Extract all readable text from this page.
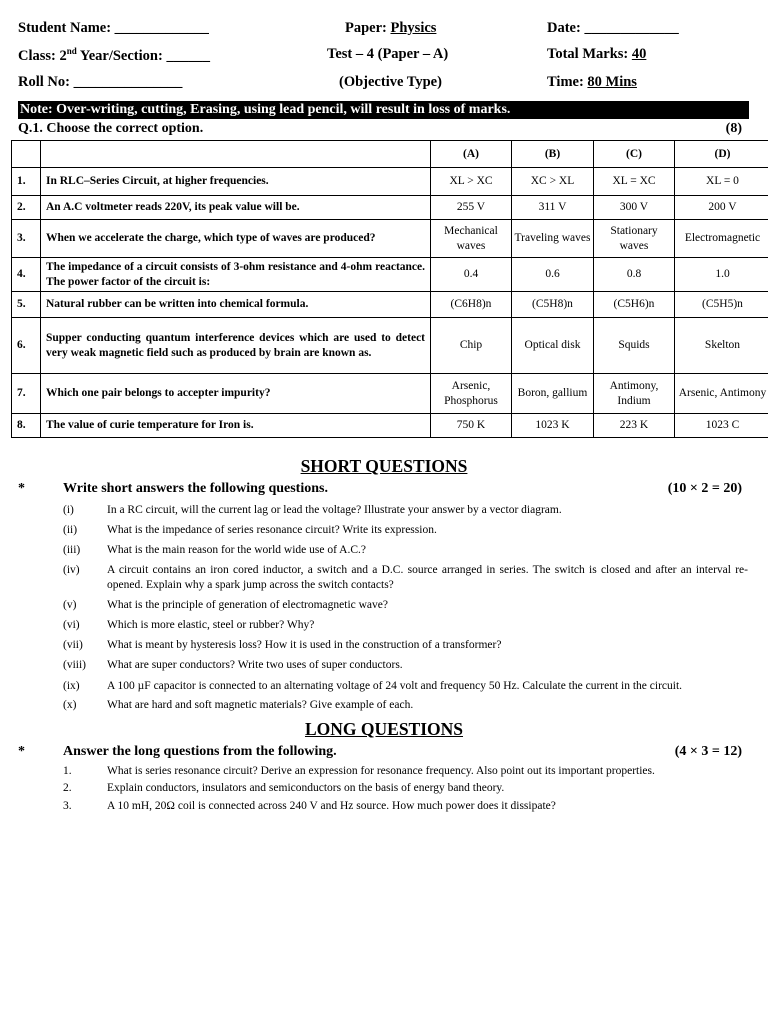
Student Name: _____________	Paper: Physics	Date: _____________
Class: 2nd Year/Section: ______	Test – 4 (Paper – A)	Total Marks: 40
Roll No: _______________	(Objective Type)	Time: 80 Mins
Note: Over-writing, cutting, Erasing, using lead pencil, will result in loss of marks.
Q.1. Choose the correct option.	(8)
		(A)	(B)	(C)	(D)
1.	In RLC–Series Circuit, at higher frequencies.	XL > XC	XC > XL	XL = XC	XL = 0
2.	An A.C voltmeter reads 220V, its peak value will be.	255 V	311 V	300 V	200 V
3.	When we accelerate the charge, which type of waves are produced?	Mechanical waves	Traveling waves	Stationary waves	Electromagnetic
4.	The impedance of a circuit consists of 3-ohm resistance and 4-ohm reactance. The power factor of the circuit is:	0.4	0.6	0.8	1.0
5.	Natural rubber can be written into chemical formula.	(C6H8)n	(C5H8)n	(C5H6)n	(C5H5)n
6.	Supper conducting quantum interference devices which are used to detect very weak magnetic field such as produced by brain are known as.	Chip	Optical disk	Squids	Skelton
7.	Which one pair belongs to accepter impurity?	Arsenic, Phosphorus	Boron, gallium	Antimony, Indium	Arsenic, Antimony
8.	The value of curie temperature for Iron is.	750 K	1023 K	223 K	1023 C
SHORT QUESTIONS
*	Write short answers the following questions.	(10 × 2 = 20)
(i)	In a RC circuit, will the current lag or lead the voltage? Illustrate your answer by a vector diagram.
(ii)	What is the impedance of series resonance circuit? Write its expression.
(iii) What is the main reason for the world wide use of A.C.?
(iv) A circuit contains an iron cored inductor, a switch and a D.C. source arranged in series. The switch is closed and after an interval re-opened. Explain why a spark jump across the switch contacts?
(v)	What is the principle of generation of electromagnetic wave?
(vi) Which is more elastic, steel or rubber? Why?
(vii) What is meant by hysteresis loss? How it is used in the construction of a transformer?
(viii) What are super conductors? Write two uses of super conductors.
(ix) A 100 µF capacitor is connected to an alternating voltage of 24 volt and frequency 50 Hz. Calculate the current in the circuit.
(x)	What are hard and soft magnetic materials? Give example of each.
LONG QUESTIONS
*	Answer the long questions from the following.	(4 × 3 = 12)
1.	What is series resonance circuit? Derive an expression for resonance frequency. Also point out its important properties.
2.	Explain conductors, insulators and semiconductors on the basis of energy band theory.
3.	A 10 mH, 20Ω coil is connected across 240 V and Hz source. How much power does it dissipate?
